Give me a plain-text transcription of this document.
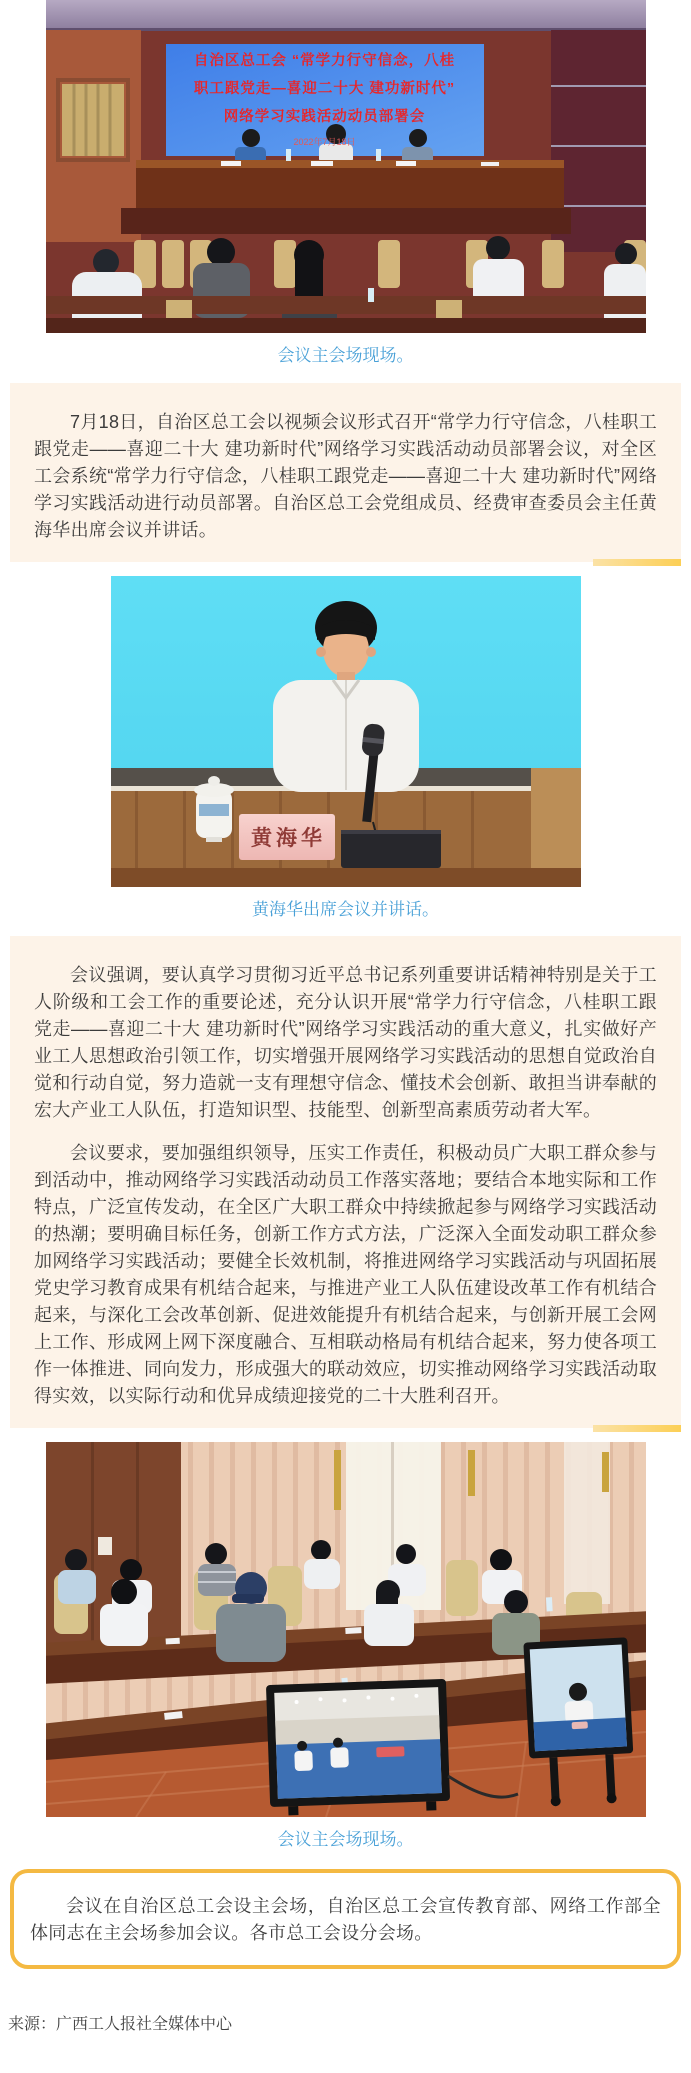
自治区总工会 “常学力行守信念，八桂
职工跟党走—喜迎二十大 建功新时代”
网络学习实践活动动员部署会
2022年7月18日

会议主会场现场。

7月18日，自治区总工会以视频会议形式召开“常学力行守信念，八桂职工跟党走——喜迎二十大 建功新时代”网络学习实践活动动员部署会议，对全区工会系统“常学力行守信念，八桂职工跟党走——喜迎二十大 建功新时代”网络学习实践活动进行动员部署。自治区总工会党组成员、经费审查委员会主任黄海华出席会议并讲话。

黄海华

黄海华出席会议并讲话。

会议强调，要认真学习贯彻习近平总书记系列重要讲话精神特别是关于工人阶级和工会工作的重要论述，充分认识开展“常学力行守信念，八桂职工跟党走——喜迎二十大 建功新时代”网络学习实践活动的重大意义，扎实做好产业工人思想政治引领工作，切实增强开展网络学习实践活动的思想自觉政治自觉和行动自觉，努力造就一支有理想守信念、懂技术会创新、敢担当讲奉献的宏大产业工人队伍，打造知识型、技能型、创新型高素质劳动者大军。

会议要求，要加强组织领导，压实工作责任，积极动员广大职工群众参与到活动中，推动网络学习实践活动动员工作落实落地；要结合本地实际和工作特点，广泛宣传发动，在全区广大职工群众中持续掀起参与网络学习实践活动的热潮；要明确目标任务，创新工作方式方法，广泛深入全面发动职工群众参加网络学习实践活动；要健全长效机制，将推进网络学习实践活动与巩固拓展党史学习教育成果有机结合起来，与推进产业工人队伍建设改革工作有机结合起来，与深化工会改革创新、促进效能提升有机结合起来，与创新开展工会网上工作、形成网上网下深度融合、互相联动格局有机结合起来，努力使各项工作一体推进、同向发力，形成强大的联动效应，切实推动网络学习实践活动取得实效，以实际行动和优异成绩迎接党的二十大胜利召开。

会议主会场现场。

会议在自治区总工会设主会场，自治区总工会宣传教育部、网络工作部全体同志在主会场参加会议。各市总工会设分会场。

来源：广西工人报社全媒体中心
